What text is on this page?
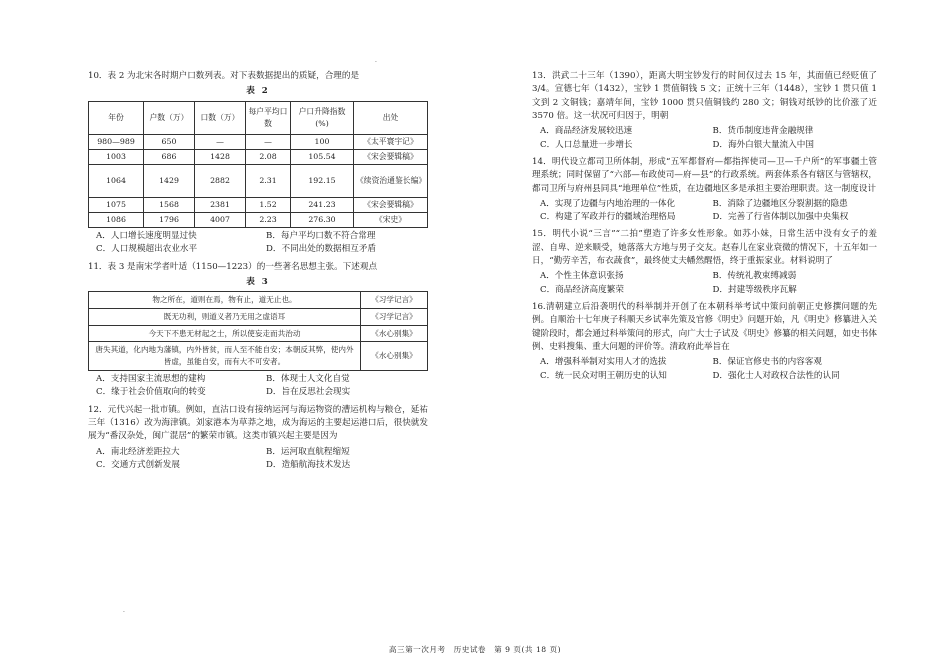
·
·

10．表 2 为北宋各时期户口数列表。对下表数据提出的质疑，合理的是

表 2
年份	户数（万）	口数（万）	每户平均口数	户口升降指数(%)	出处
980—989	650	—	—	100	《太平寰宇记》
1003	686	1428	2.08	105.54	《宋会要辑稿》
1064	1429	2882	2.31	192.15	《续资治通鉴长编》
1075	1568	2381	1.52	241.23	《宋会要辑稿》
1086	1796	4007	2.23	276.30	《宋史》
A．人口增长速度明显过快	B．每户平均口数不符合常理
C．人口规模超出农业水平	D．不同出处的数据相互矛盾

11．表 3 是南宋学者叶适（1150—1223）的一些著名思想主张。下述观点

表 3
物之所在，道则在焉，物有止，道无止也。	《习学记言》
既无功利，则道义者乃无用之虚语耳	《习学记言》
今天下不患无材起之士，所以使妄走而共治动	《水心别集》
唐失其道，化内地为藩镇，内外皆贫，而人至不能自安；本朝反其弊，使内外皆虚，虽能自安，而有大不可安者。	《水心别集》
A．支持国家主流思想的建构	B．体现士人文化自觉
C．缘于社会价值取向的转变	D．旨在反思社会现实

12．元代兴起一批市镇。例如，直沽口设有接纳运河与海运物资的漕运机构与粮仓，延祐三年（1316）改为海津镇。刘家港本为草莽之地，成为海运的主要起运港口后，很快就发展为“番汉杂处，闽广混居”的繁荣市镇。这类市镇兴起主要是因为

A．南北经济差距拉大	B．运河取直航程缩短
C．交通方式创新发展	D．造船航海技术发达

13．洪武二十三年（1390），距离大明宝钞发行的时间仅过去 15 年，其面值已经贬值了 3/4。宣德七年（1432），宝钞 1 贯值铜钱 5 文；正统十三年（1448），宝钞 1 贯只值 1 文到 2 文铜钱；嘉靖年间，宝钞 1000 贯只值铜钱约 280 文；铜钱对纸钞的比价涨了近 3570 倍。这一状况可归因于，明朝

A．商品经济发展较迅速	B．货币制度违背金融规律
C．人口总量进一步增长	D．海外白银大量流入中国

14．明代设立都司卫所体制，形成“五军都督府—都指挥使司—卫—千户所”的军事疆土管理系统；同时保留了“六部—布政使司—府—县”的行政系统。两套体系各有辖区与管辖权，都司卫所与府州县同具“地理单位”性质，在边疆地区多是承担主要治理职责。这一制度设计

A．实现了边疆与内地治理的一体化	B．消除了边疆地区分裂割据的隐患
C．构建了军政并行的疆域治理格局	D．完善了行省体制以加强中央集权

15．明代小说“三言”“二拍”塑造了许多女性形象。如苏小妹，日常生活中没有女子的羞涩、自卑、逆来顺受，她落落大方地与男子交友。赵春儿在家业衰微的情况下，十五年如一日，“勤劳辛苦，布衣蔬食”，最终使丈夫幡然醒悟，终于重振家业。材料说明了

A．个性主体意识张扬	B．传统礼教束缚减弱
C．商品经济高度繁荣	D．封建等级秩序瓦解

16.清朝建立后沿袭明代的科举制并开创了在本朝科举考试中策问前朝正史修撰问题的先例。自顺治十七年庚子科顺天乡试率先策及官修《明史》问题开始，凡《明史》修纂进入关键阶段时，都会通过科举策问的形式，向广大士子试及《明史》修纂的相关问题，如史书体例、史料搜集、重大问题的评价等。清政府此举旨在

A．增强科举制对实用人才的选拔	B．保证官修史书的内容客观
C．统一民众对明王朝历史的认知	D．强化士人对政权合法性的认同
高三第一次月考　历史试卷　第 9 页(共 18 页)
